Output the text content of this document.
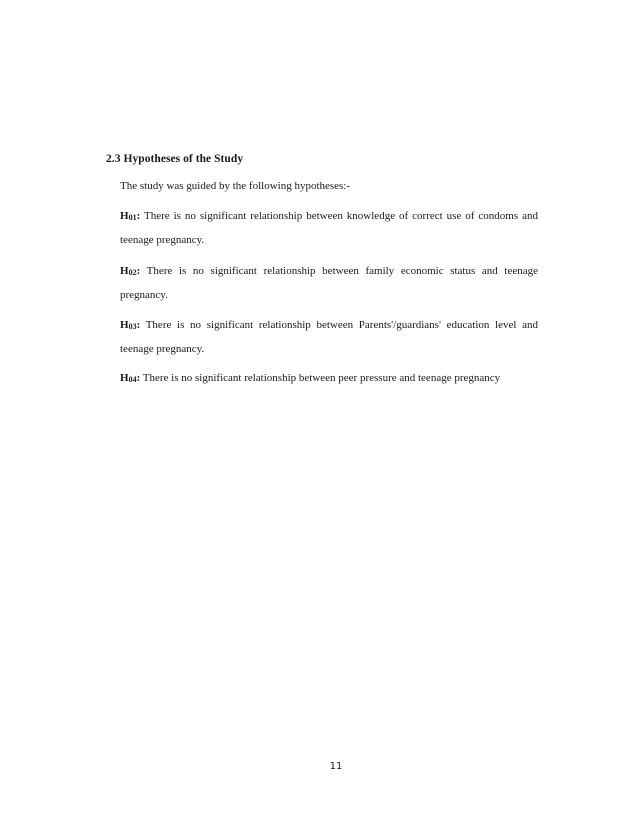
2.3 Hypotheses of the Study

The study was guided by the following hypotheses:-

$H_{01}$: There is no significant relationship between knowledge of correct use of condoms and teenage pregnancy.

$H_{02}$: There is no significant relationship between family economic status and teenage pregnancy.

$H_{03}$: There is no significant relationship between Parents'/guardians' education level and teenage pregnancy.

$H_{04}$: There is no significant relationship between peer pressure and teenage pregnancy

11
